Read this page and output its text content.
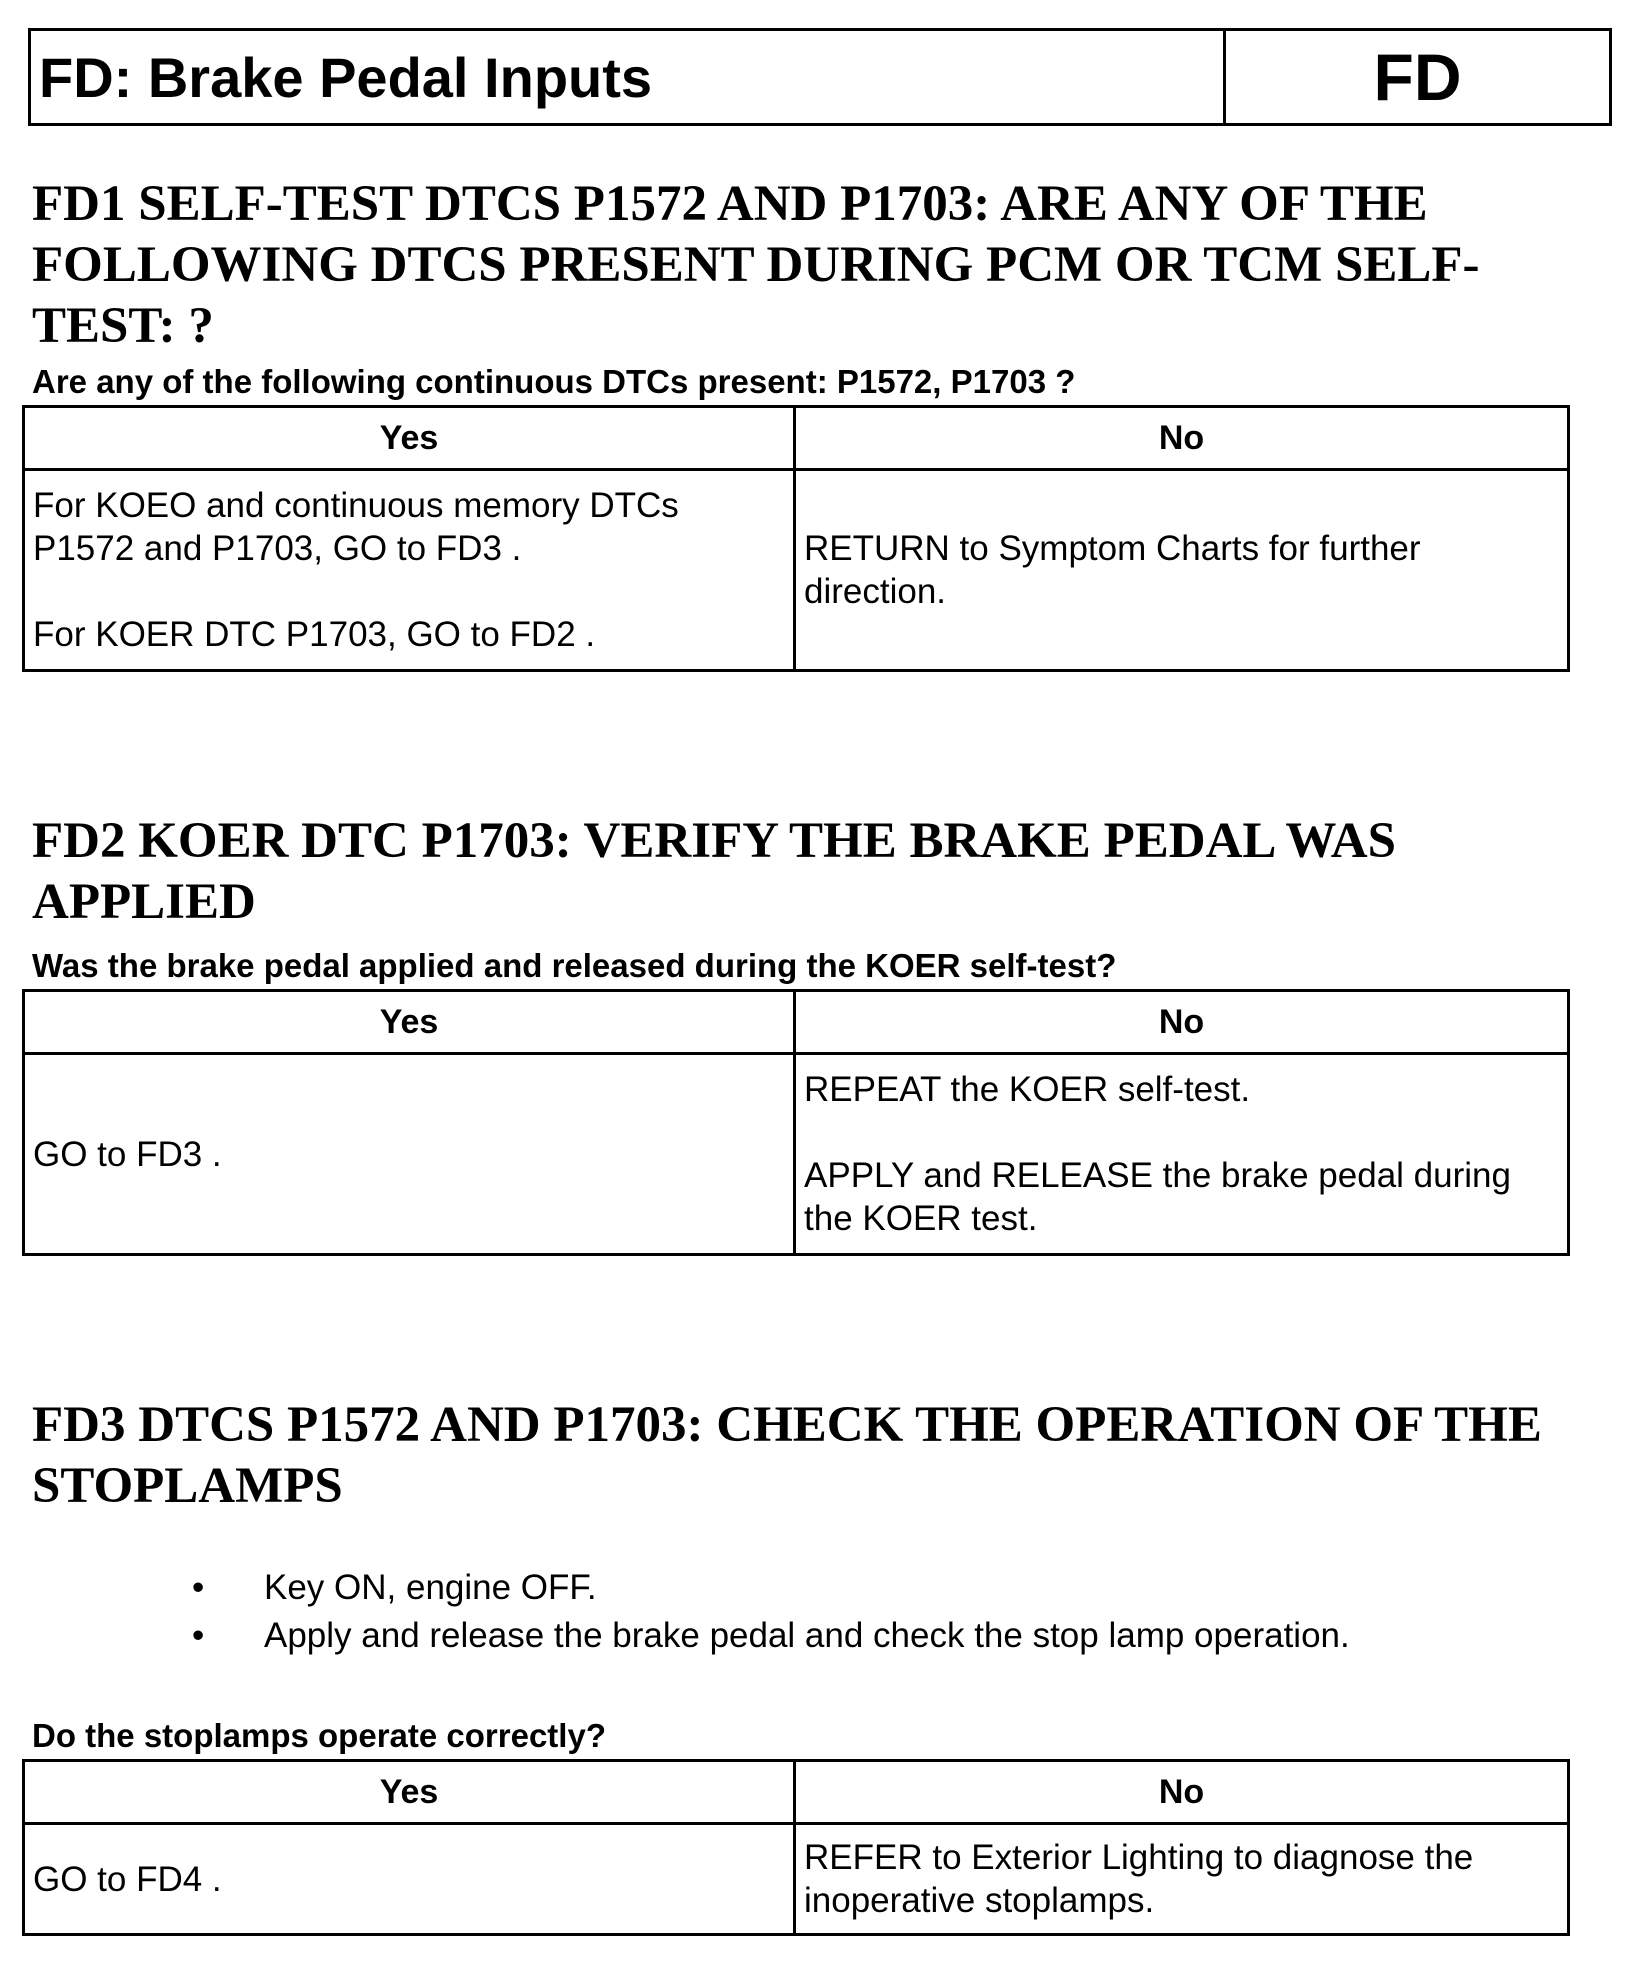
FD: Brake Pedal Inputs	FD
FD1 SELF-TEST DTCS P1572 AND P1703: ARE ANY OF THE FOLLOWING DTCS PRESENT DURING PCM OR TCM SELF-TEST: ?

Are any of the following continuous DTCs present: P1572, P1703 ?

Yes	No

For KOEO and continuous memory DTCs P1572 and P1703, GO to FD3 .

For KOER DTC P1703, GO to FD2 .	RETURN to Symptom Charts for further direction.

FD2 KOER DTC P1703: VERIFY THE BRAKE PEDAL WAS APPLIED

Was the brake pedal applied and released during the KOER self-test?

Yes	No

GO to FD3 .	REPEAT the KOER self-test.

APPLY and RELEASE the brake pedal during the KOER test.

FD3 DTCS P1572 AND P1703: CHECK THE OPERATION OF THE STOPLAMPS
• Key ON, engine OFF.
• Apply and release the brake pedal and check the stop lamp operation.

Do the stoplamps operate correctly?

Yes	No

GO to FD4 .	REFER to Exterior Lighting to diagnose the inoperative stoplamps.
